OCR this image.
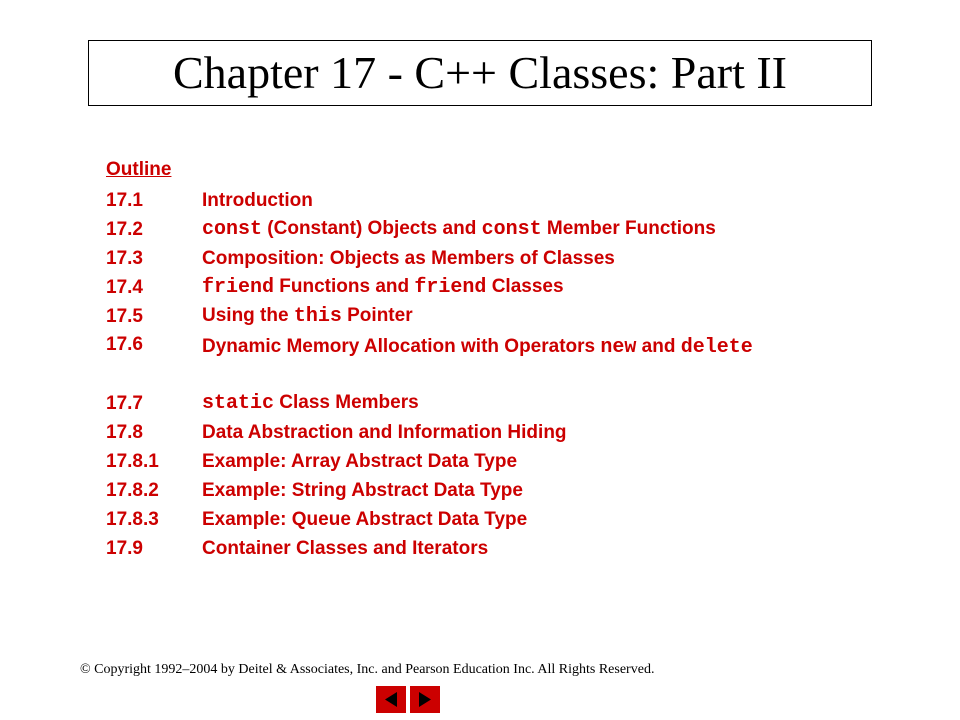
Chapter 17 - C++ Classes: Part II
Outline
17.1	Introduction
17.2	const (Constant) Objects and const Member Functions
17.3	Composition: Objects as Members of Classes
17.4	friend Functions and friend Classes
17.5	Using the this Pointer
17.6	Dynamic Memory Allocation with Operators new and delete
17.7	static Class Members
17.8	Data Abstraction and Information Hiding
17.8.1	Example: Array Abstract Data Type
17.8.2	Example: String Abstract Data Type
17.8.3	Example: Queue Abstract Data Type
17.9	Container Classes and Iterators
© Copyright 1992–2004 by Deitel & Associates, Inc. and Pearson Education Inc. All Rights Reserved.
